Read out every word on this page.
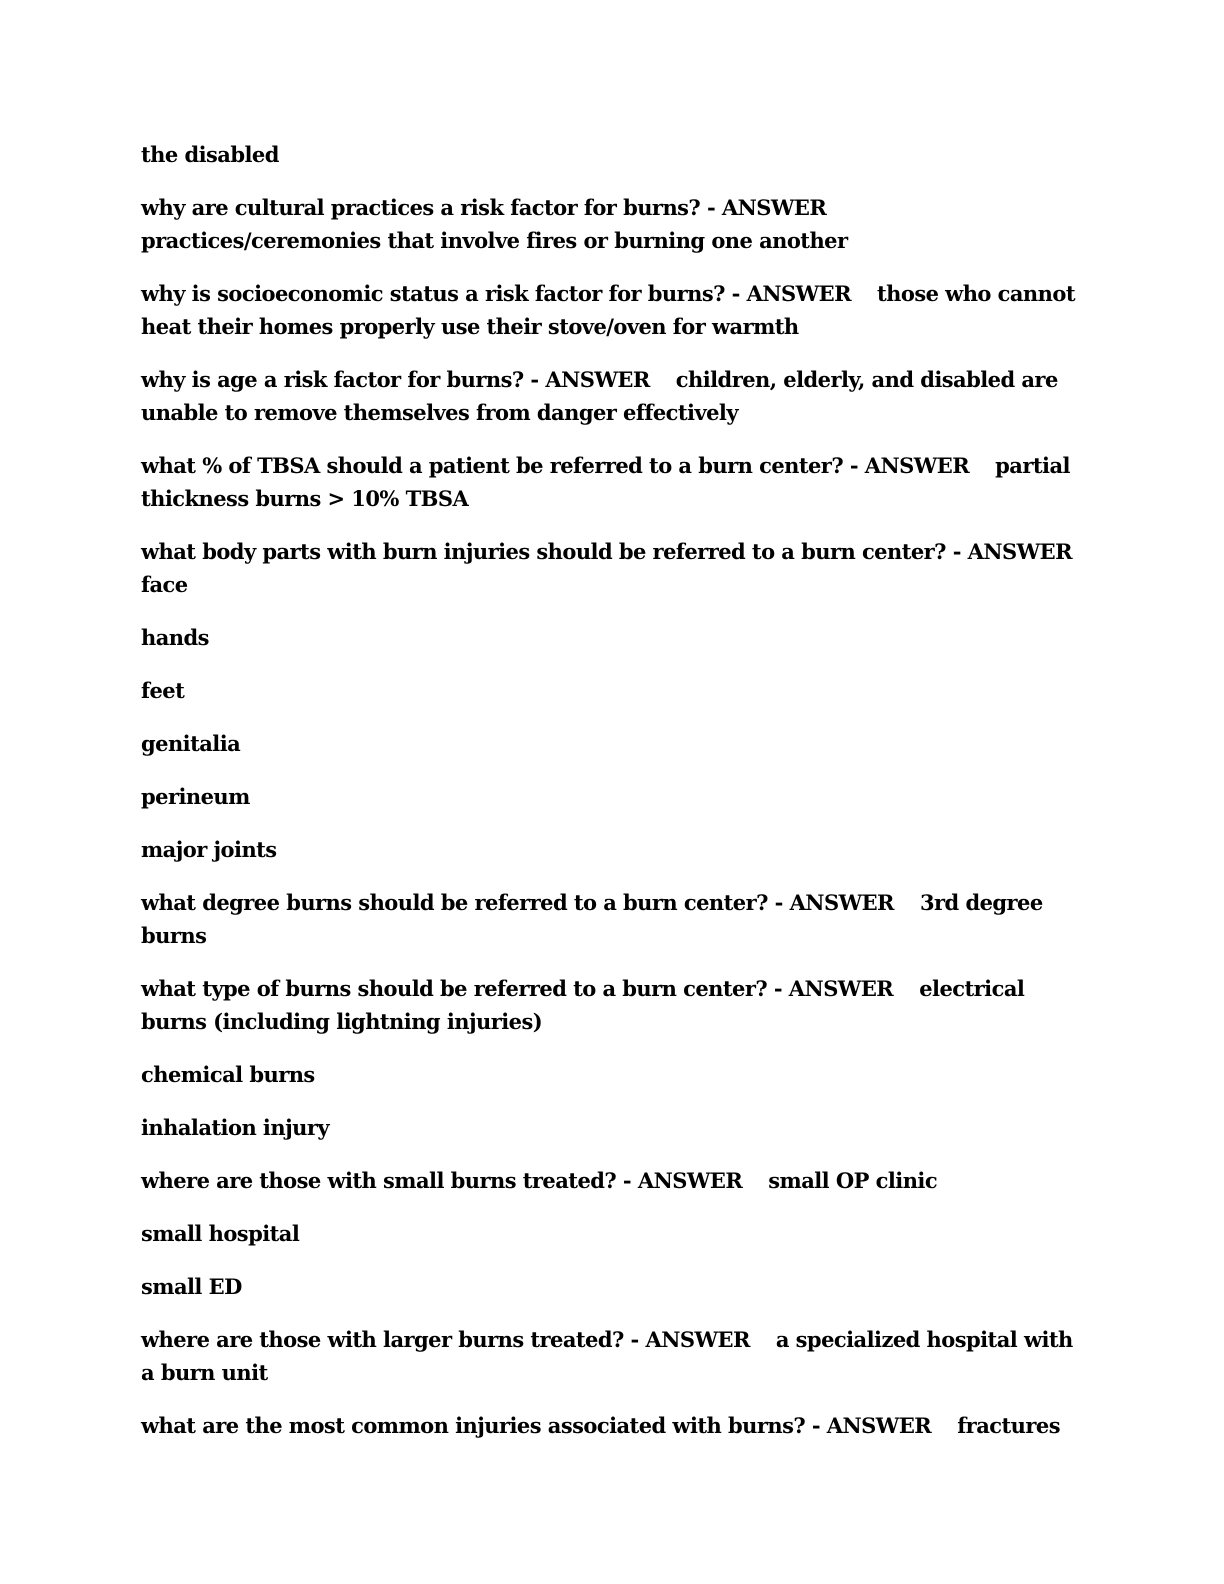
the disabled

why are cultural practices a risk factor for burns? - ANSWER
practices/ceremonies that involve fires or burning one another

why is socioeconomic status a risk factor for burns? - ANSWER those who cannot heat their homes properly use their stove/oven for warmth

why is age a risk factor for burns? - ANSWER children, elderly, and disabled are unable to remove themselves from danger effectively

what % of TBSA should a patient be referred to a burn center? - ANSWER partial thickness burns > 10% TBSA

what body parts with burn injuries should be referred to a burn center? - ANSWER
face

hands

feet

genitalia

perineum

major joints

what degree burns should be referred to a burn center? - ANSWER 3rd degree burns

what type of burns should be referred to a burn center? - ANSWER electrical burns (including lightning injuries)

chemical burns

inhalation injury

where are those with small burns treated? - ANSWER small OP clinic

small hospital

small ED

where are those with larger burns treated? - ANSWER a specialized hospital with a burn unit

what are the most common injuries associated with burns? - ANSWER fractures
